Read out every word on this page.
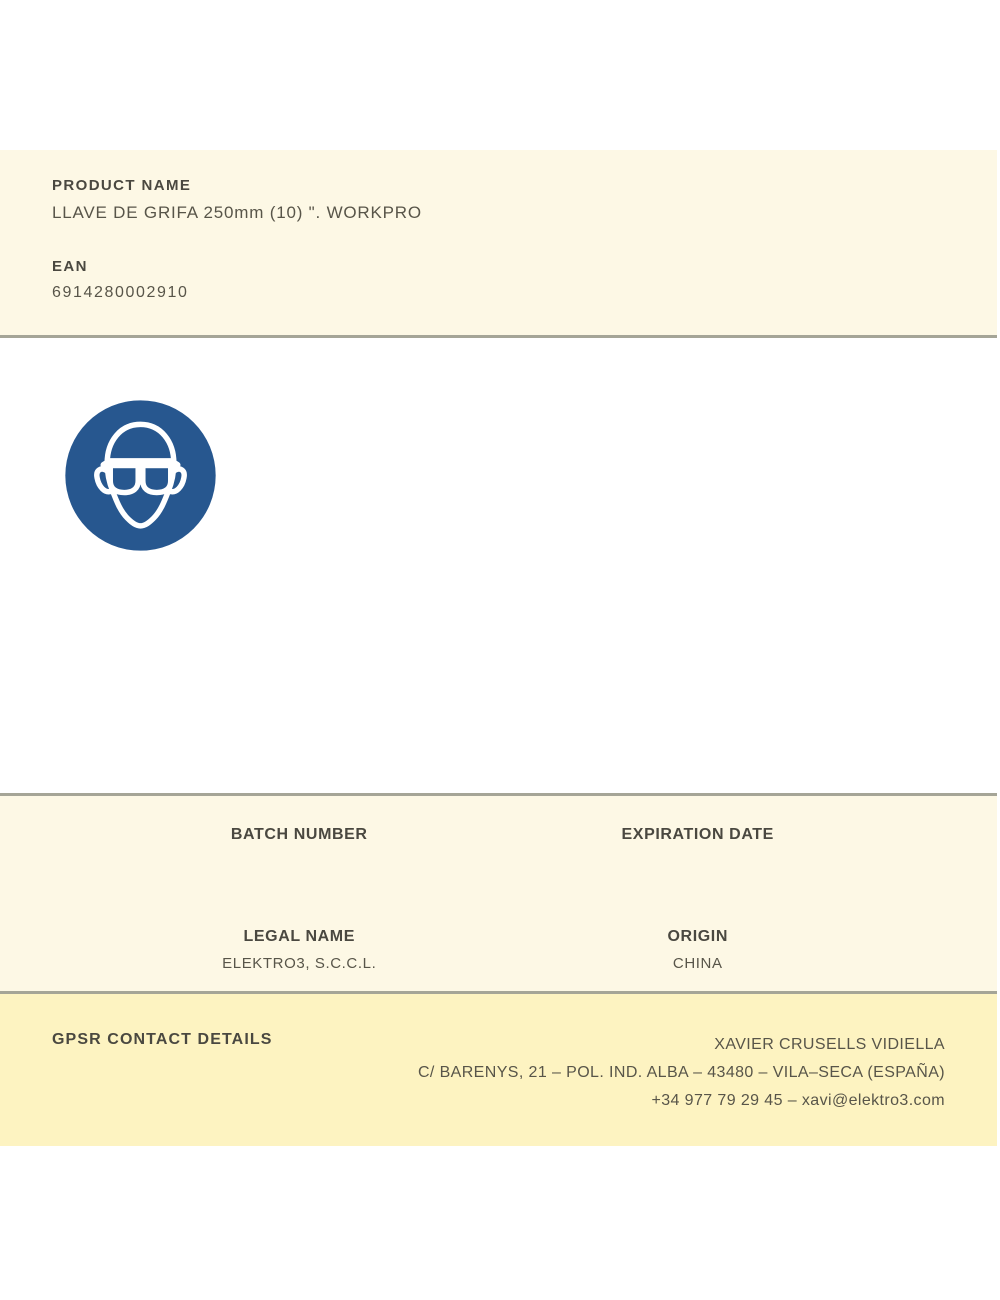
PRODUCT NAME
LLAVE DE GRIFA 250mm (10) ". WORKPRO
EAN
6914280002910
BATCH NUMBER	EXPIRATION DATE
LEGAL NAME
ELEKTRO3, S.C.C.L.
ORIGIN
CHINA
GPSR CONTACT DETAILS	XAVIER CRUSELLS VIDIELLA
C/ BARENYS, 21 – POL. IND. ALBA – 43480 – VILA–SECA (ESPAÑA)
+34 977 79 29 45 – xavi@elektro3.com
